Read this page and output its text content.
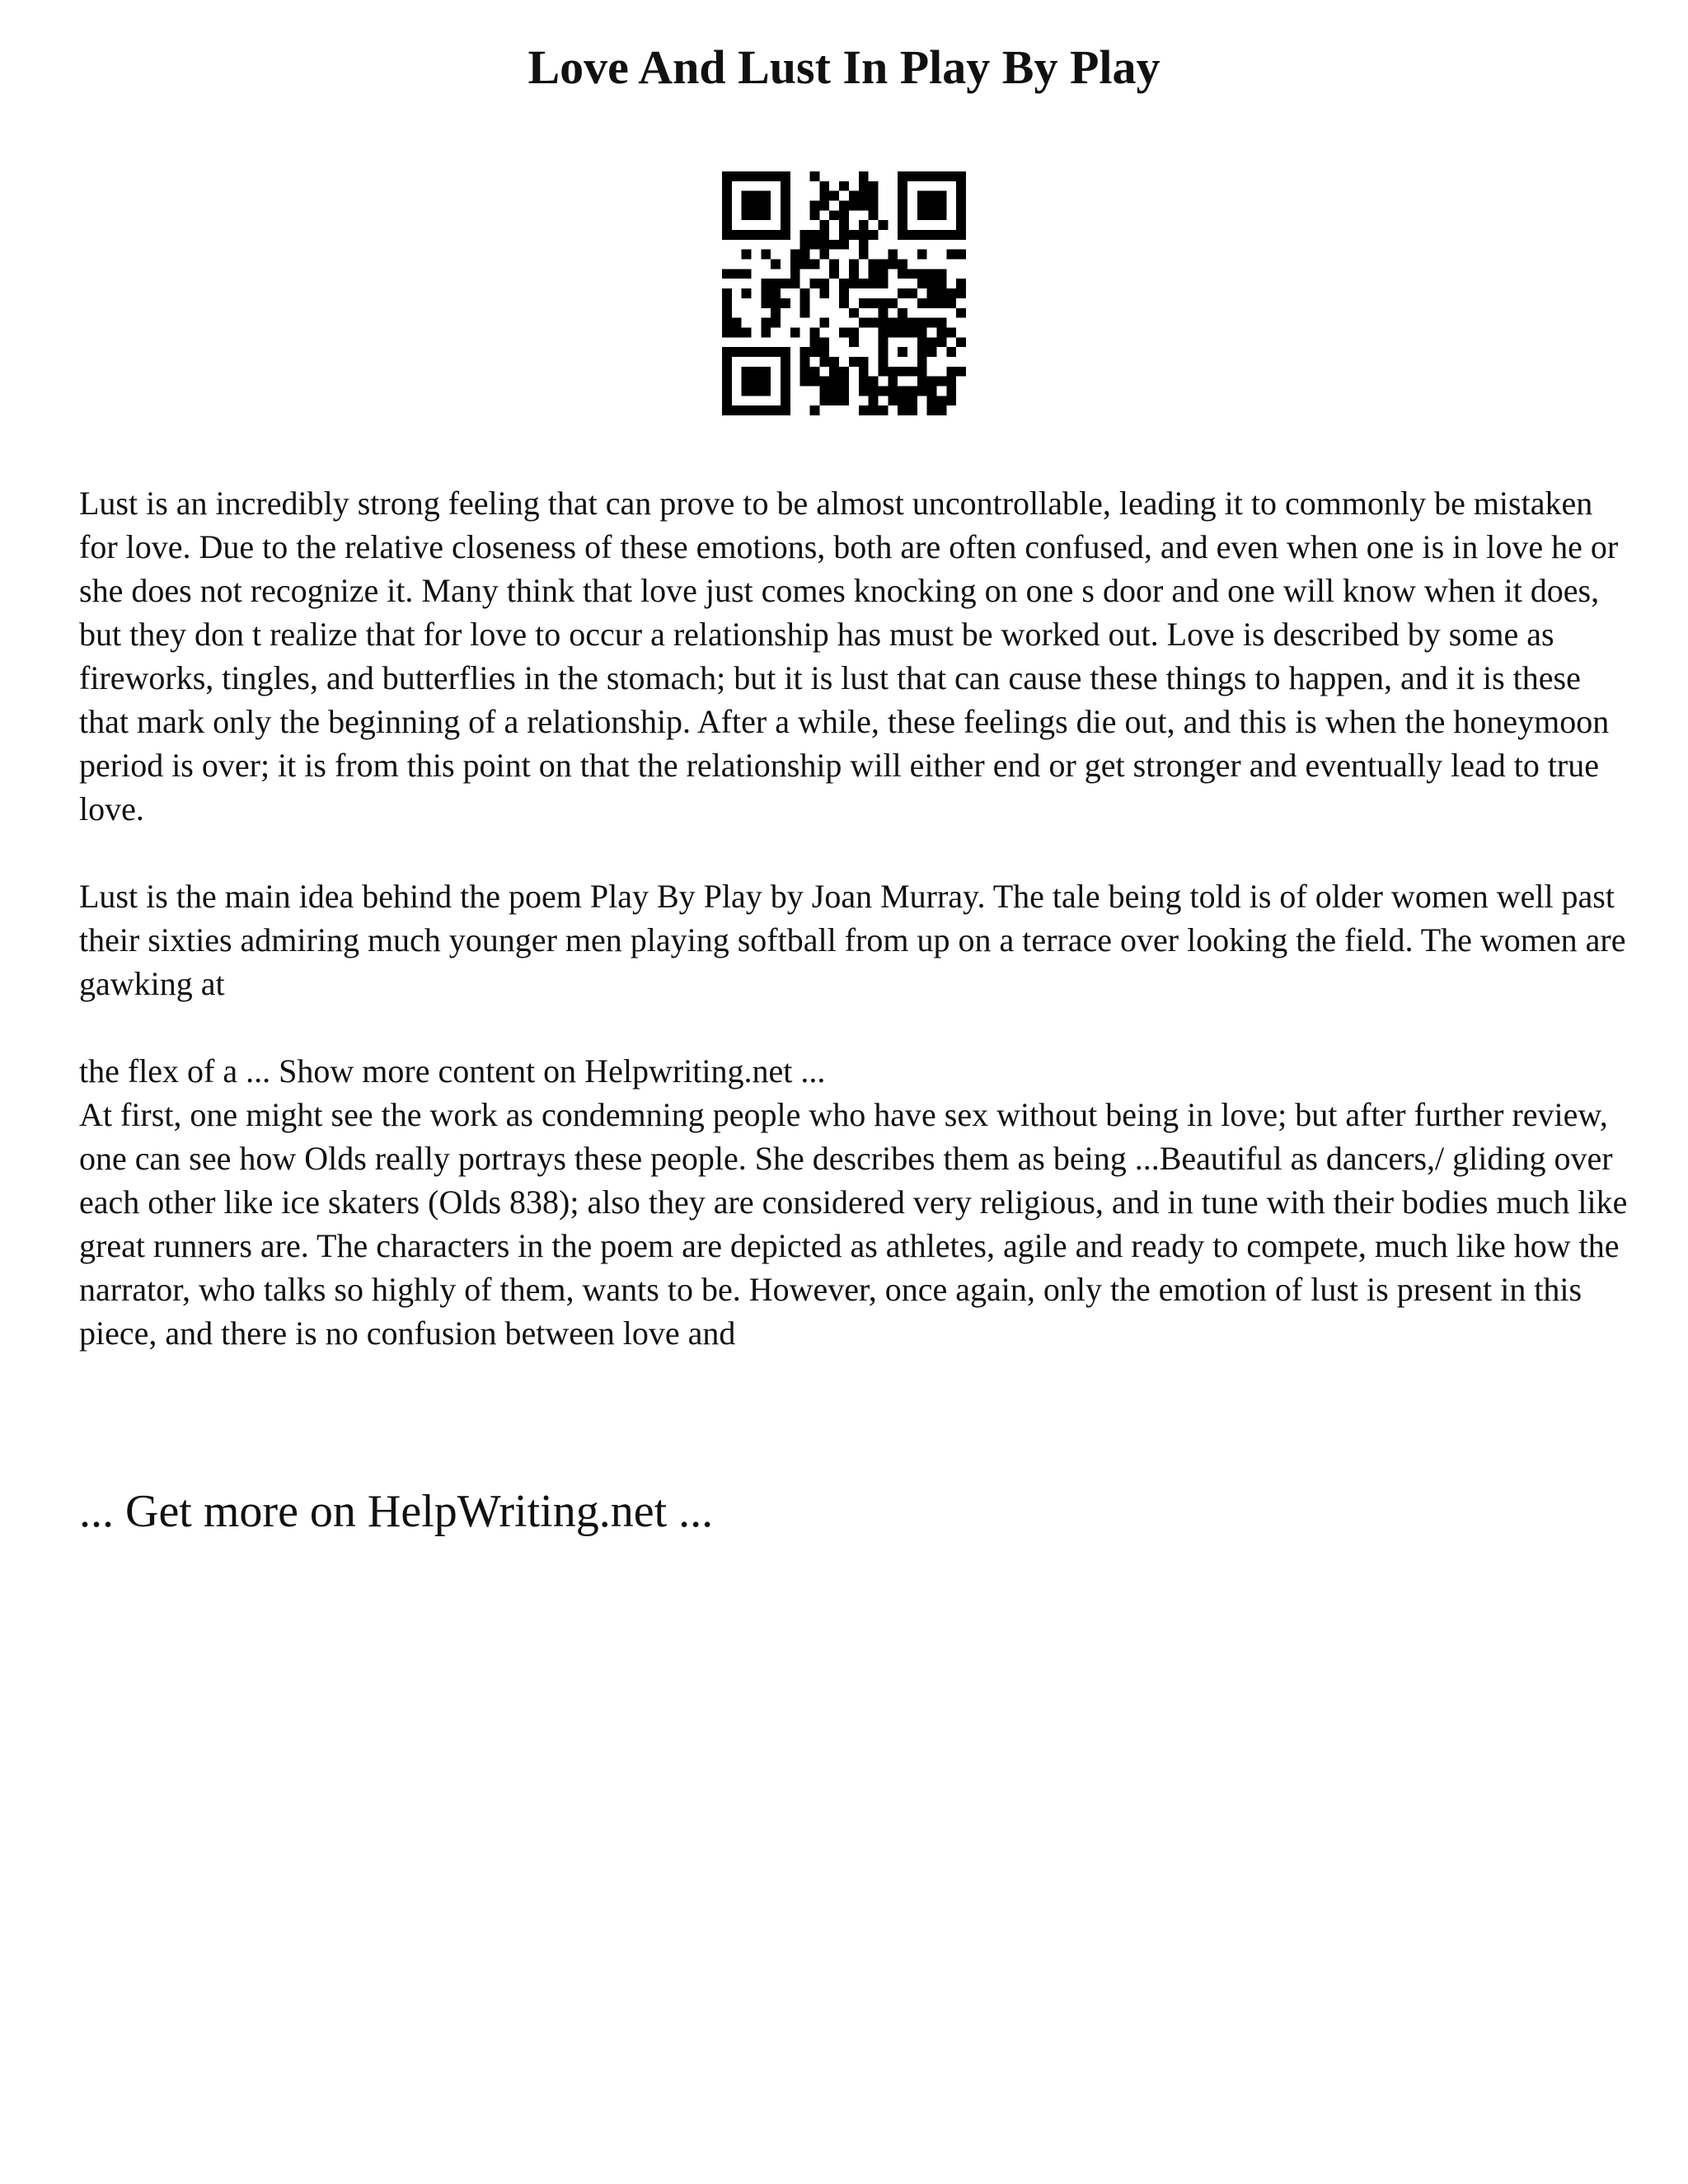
Love And Lust In Play By Play

Lust is an incredibly strong feeling that can prove to be almost uncontrollable, leading it to commonly be mistaken for love. Due to the relative closeness of these emotions, both are often confused, and even when one is in love he or she does not recognize it. Many think that love just comes knocking on one s door and one will know when it does, but they don t realize that for love to occur a relationship has must be worked out. Love is described by some as fireworks, tingles, and butterflies in the stomach; but it is lust that can cause these things to happen, and it is these that mark only the beginning of a relationship. After a while, these feelings die out, and this is when the honeymoon period is over; it is from this point on that the relationship will either end or get stronger and eventually lead to true love.

Lust is the main idea behind the poem Play By Play by Joan Murray. The tale being told is of older women well past their sixties admiring much younger men playing softball from up on a terrace over looking the field. The women are gawking at

the flex of a ... Show more content on Helpwriting.net ...

At first, one might see the work as condemning people who have sex without being in love; but after further review, one can see how Olds really portrays these people. She describes them as being ...Beautiful as dancers,/ gliding over each other like ice skaters (Olds 838); also they are considered very religious, and in tune with their bodies much like great runners are. The characters in the poem are depicted as athletes, agile and ready to compete, much like how the narrator, who talks so highly of them, wants to be. However, once again, only the emotion of lust is present in this piece, and there is no confusion between love and

... Get more on HelpWriting.net ...
